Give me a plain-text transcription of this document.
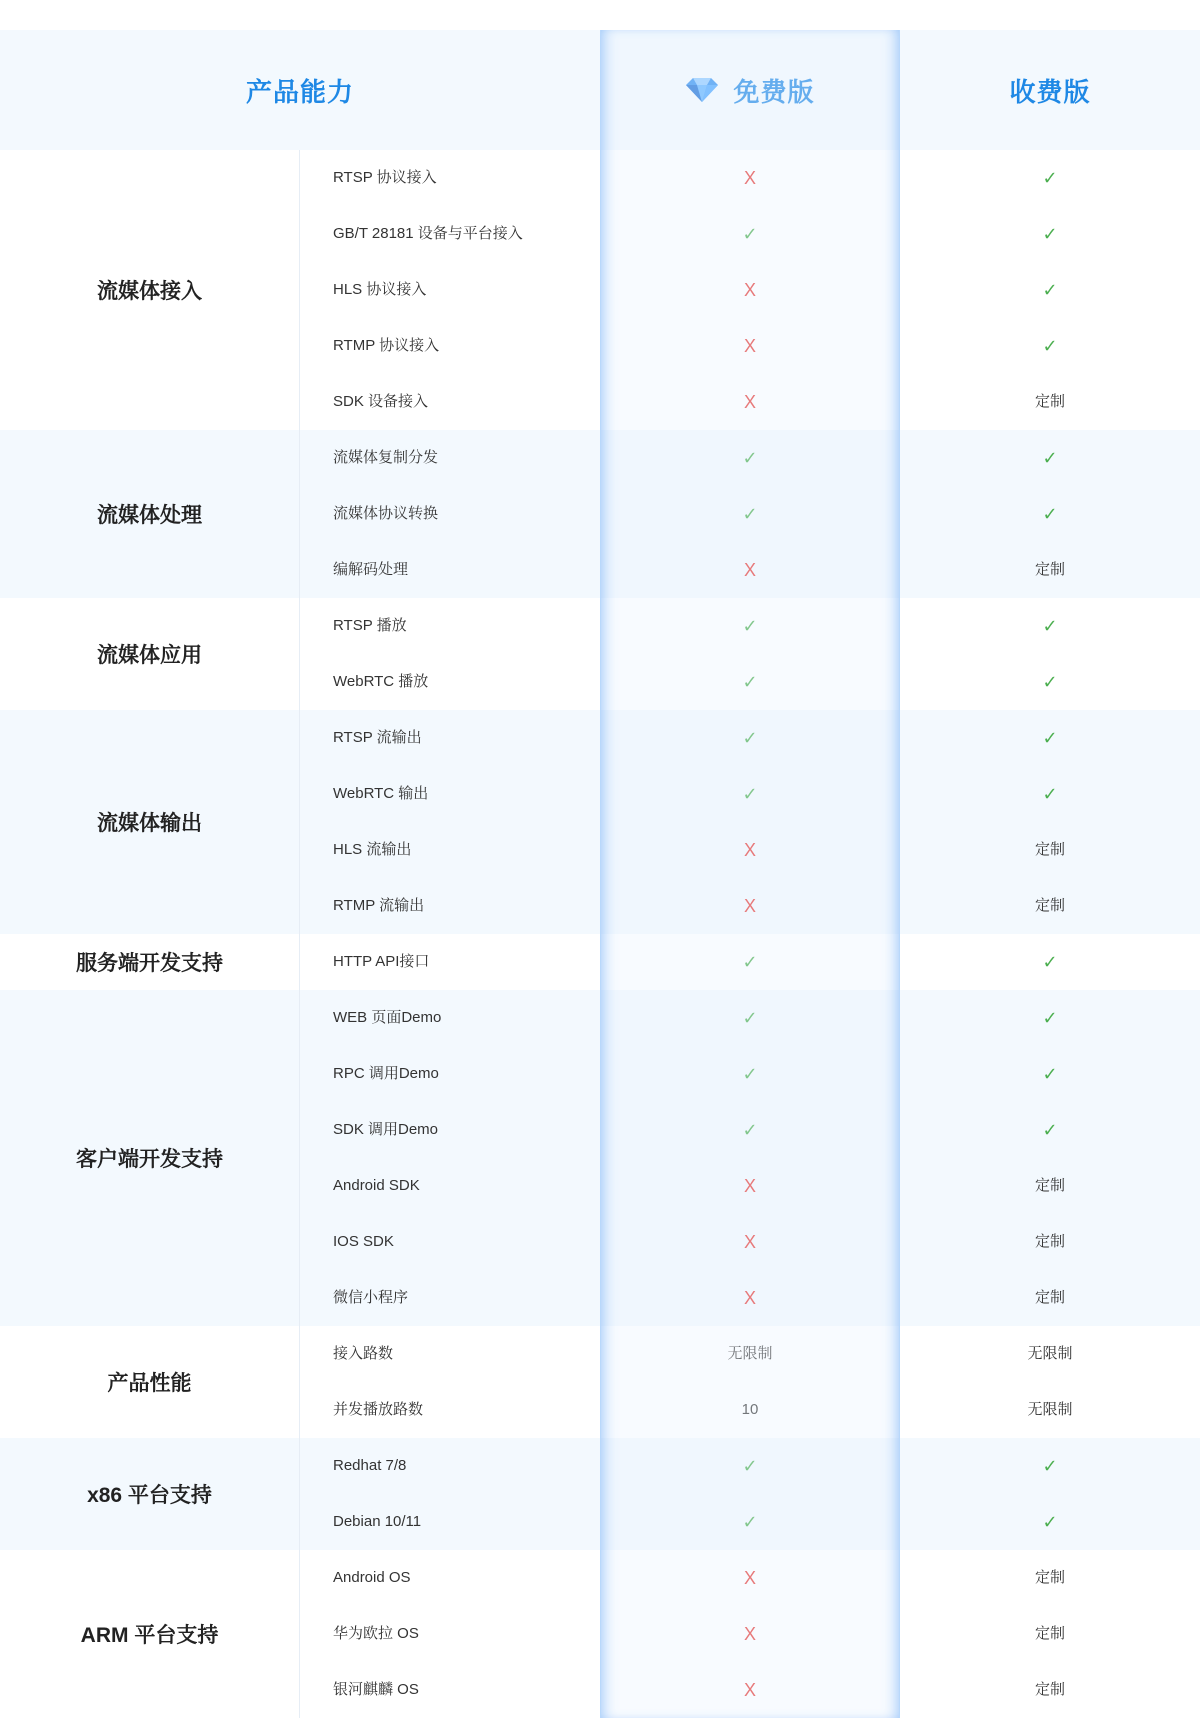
产品能力	免费版	收费版
流媒体接入
RTSP 协议接入	X	✓
GB/T 28181 设备与平台接入	✓	✓
HLS 协议接入	X	✓
RTMP 协议接入	X	✓
SDK 设备接入	X	定制
流媒体处理
流媒体复制分发	✓	✓
流媒体协议转换	✓	✓
编解码处理	X	定制
流媒体应用
RTSP 播放	✓	✓
WebRTC 播放	✓	✓
流媒体输出
RTSP 流输出	✓	✓
WebRTC 输出	✓	✓
HLS 流输出	X	定制
RTMP 流输出	X	定制
服务端开发支持	HTTP API接口	✓	✓
客户端开发支持
WEB 页面Demo	✓	✓
RPC 调用Demo	✓	✓
SDK 调用Demo	✓	✓
Android SDK	X	定制
IOS SDK	X	定制
微信小程序	X	定制
产品性能
接入路数	无限制	无限制
并发播放路数	10	无限制
x86 平台支持
Redhat 7/8	✓	✓
Debian 10/11	✓	✓
ARM 平台支持
Android OS	X	定制
华为欧拉 OS	X	定制
银河麒麟 OS	X	定制
